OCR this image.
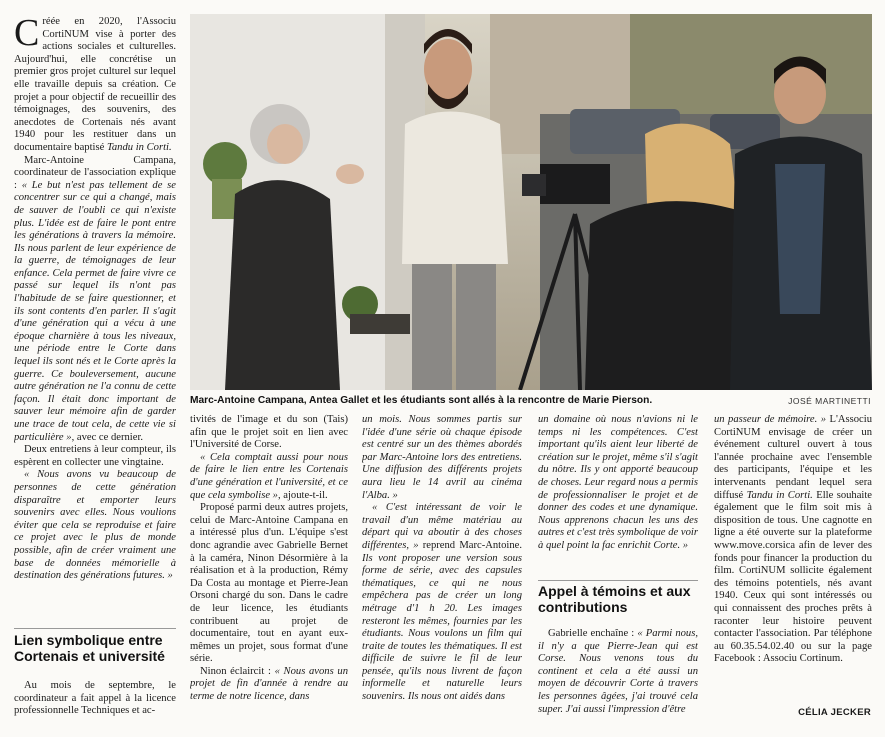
Créée en 2020, l'Associu CortiNUM vise à porter des actions sociales et culturelles. Aujourd'hui, elle concrétise un premier gros projet culturel sur lequel elle travaille depuis sa création. Ce projet a pour objectif de recueillir des témoignages, des souvenirs, des anecdotes de Cortenais nés avant 1940 pour les restituer dans un documentaire baptisé Tandu in Corti.

Marc-Antoine Campana, coordinateur de l'association explique : « Le but n'est pas tellement de se concentrer sur ce qui a changé, mais de sauver de l'oubli ce qui n'existe plus. L'idée est de faire le pont entre les générations à travers la mémoire. Ils nous parlent de leur expérience de la guerre, de témoignages de leur enfance. Cela permet de faire vivre ce passé sur lequel ils n'ont pas l'habitude de se faire questionner, et ils sont contents d'en parler. Il s'agit d'une génération qui a vécu à une époque charnière à tous les niveaux, une période entre le Corte dans lequel ils sont nés et le Corte après la guerre. Ce bouleversement, aucune autre génération ne l'a connu de cette façon. Il était donc important de sauver leur mémoire afin de garder une trace de tout cela, de cette vie si particulière », avec ce dernier.

Deux entretiens à leur compteur, ils espèrent en collecter une vingtaine.

« Nous avons vu beaucoup de personnes de cette génération disparaître et emporter leurs souvenirs avec elles. Nous voulions éviter que cela se reproduise et faire ce projet avec le plus de monde possible, afin de créer vraiment une base de données mémorielle à destination des générations futures. »

Lien symbolique entre Cortenais et université

Au mois de septembre, le coordinateur a fait appel à la licence professionnelle Techniques et ac-

Marc-Antoine Campana, Antea Gallet et les étudiants sont allés à la rencontre de Marie Pierson.	JOSÉ MARTINETTI

tivités de l'image et du son (Tais) afin que le projet soit en lien avec l'Université de Corse.

« Cela comptait aussi pour nous de faire le lien entre les Cortenais d'une génération et l'université, et ce que cela symbolise », ajoute-t-il.

Proposé parmi deux autres projets, celui de Marc-Antoine Campana en a intéressé plus d'un. L'équipe s'est donc agrandie avec Gabrielle Bernet à la caméra, Ninon Désormière à la réalisation et à la production, Rémy Da Costa au montage et Pierre-Jean Orsoni chargé du son. Dans le cadre de leur licence, les étudiants contribuent au projet de documentaire, tout en ayant eux-mêmes un projet, sous format d'une série.

Ninon éclaircit : « Nous avons un projet de fin d'année à rendre au terme de notre licence, dans

un mois. Nous sommes partis sur l'idée d'une série où chaque épisode est centré sur un des thèmes abordés par Marc-Antoine lors des entretiens. Une diffusion des différents projets aura lieu le 14 avril au cinéma l'Alba. »

« C'est intéressant de voir le travail d'un même matériau au départ qui va aboutir à des choses différentes, » reprend Marc-Antoine. Ils vont proposer une version sous forme de série, avec des capsules thématiques, ce qui ne nous empêchera pas de créer un long métrage d'1 h 20. Les images resteront les mêmes, fournies par les étudiants. Nous voulons un film qui traite de toutes les thématiques. Il est difficile de suivre le fil de leur pensée, qu'ils nous livrent de façon informelle et naturelle leurs souvenirs. Ils nous ont aidés dans

un domaine où nous n'avions ni le temps ni les compétences. C'est important qu'ils aient leur liberté de création sur le projet, même s'il s'agit du nôtre. Ils y ont apporté beaucoup de choses. Leur regard nous a permis de professionnaliser le projet et de donner des codes et une dynamique. Nous apprenons chacun les uns des autres et c'est très symbolique de voir à quel point la fac enrichit Corte. »

Appel à témoins et aux contributions

Gabrielle enchaîne : « Parmi nous, il n'y a que Pierre-Jean qui est Corse. Nous venons tous du continent et cela a été aussi un moyen de découvrir Corte à travers les personnes âgées, j'ai trouvé cela super. J'ai aussi l'impression d'être

un passeur de mémoire. » L'Associu CortiNUM envisage de créer un événement culturel ouvert à tous l'année prochaine avec l'ensemble des participants, l'équipe et les intervenants pendant lequel sera diffusé Tandu in Corti. Elle souhaite également que le film soit mis à disposition de tous. Une cagnotte en ligne a été ouverte sur la plateforme www.move.corsica afin de lever des fonds pour financer la production du film. CortiNUM sollicite également des témoins potentiels, nés avant 1940. Ceux qui sont intéressés ou qui connaissent des proches prêts à raconter leur histoire peuvent contacter l'association. Par téléphone au 60.35.54.02.40 ou sur la page Facebook : Associu Cortinum.

CÉLIA JECKER
